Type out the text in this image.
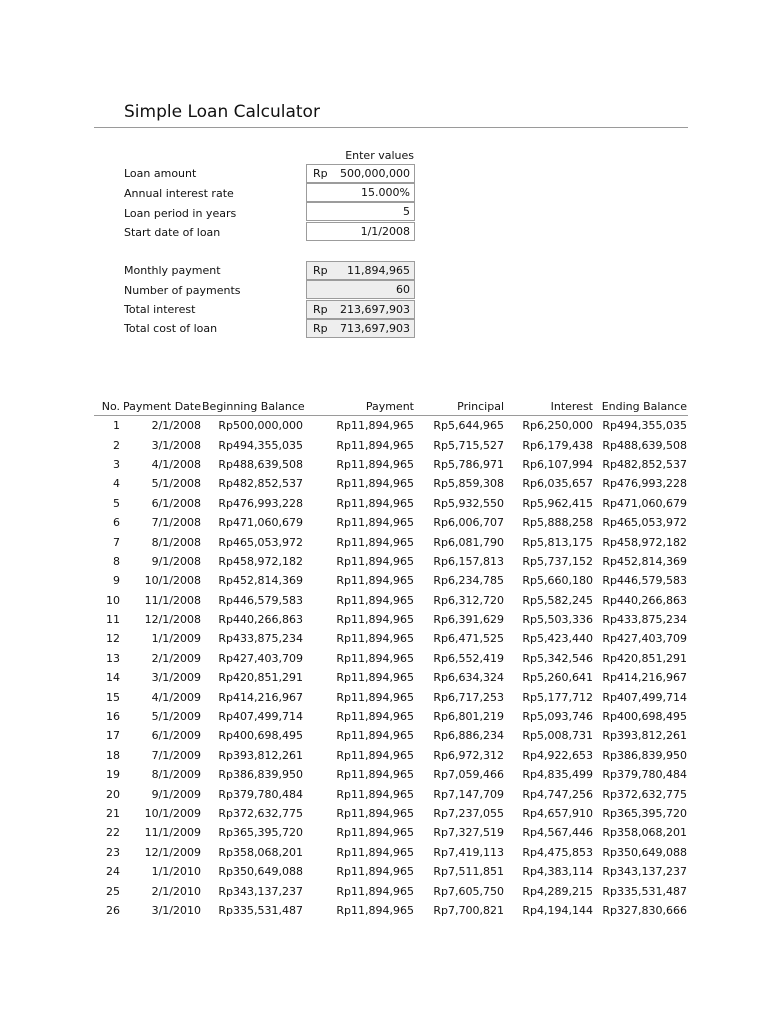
Simple Loan Calculator
Enter values
Loan amount	Rp 500,000,000
Annual interest rate	15.000%
Loan period in years	5
Start date of loan	1/1/2008
Monthly payment	Rp 11,894,965
Number of payments	60
Total interest	Rp 213,697,903
Total cost of loan	Rp 713,697,903
No.	Payment Date	Beginning Balance	Payment	Principal	Interest	Ending Balance
1	2/1/2008	Rp500,000,000	Rp11,894,965	Rp5,644,965	Rp6,250,000	Rp494,355,035
2	3/1/2008	Rp494,355,035	Rp11,894,965	Rp5,715,527	Rp6,179,438	Rp488,639,508
3	4/1/2008	Rp488,639,508	Rp11,894,965	Rp5,786,971	Rp6,107,994	Rp482,852,537
4	5/1/2008	Rp482,852,537	Rp11,894,965	Rp5,859,308	Rp6,035,657	Rp476,993,228
5	6/1/2008	Rp476,993,228	Rp11,894,965	Rp5,932,550	Rp5,962,415	Rp471,060,679
6	7/1/2008	Rp471,060,679	Rp11,894,965	Rp6,006,707	Rp5,888,258	Rp465,053,972
7	8/1/2008	Rp465,053,972	Rp11,894,965	Rp6,081,790	Rp5,813,175	Rp458,972,182
8	9/1/2008	Rp458,972,182	Rp11,894,965	Rp6,157,813	Rp5,737,152	Rp452,814,369
9	10/1/2008	Rp452,814,369	Rp11,894,965	Rp6,234,785	Rp5,660,180	Rp446,579,583
10	11/1/2008	Rp446,579,583	Rp11,894,965	Rp6,312,720	Rp5,582,245	Rp440,266,863
11	12/1/2008	Rp440,266,863	Rp11,894,965	Rp6,391,629	Rp5,503,336	Rp433,875,234
12	1/1/2009	Rp433,875,234	Rp11,894,965	Rp6,471,525	Rp5,423,440	Rp427,403,709
13	2/1/2009	Rp427,403,709	Rp11,894,965	Rp6,552,419	Rp5,342,546	Rp420,851,291
14	3/1/2009	Rp420,851,291	Rp11,894,965	Rp6,634,324	Rp5,260,641	Rp414,216,967
15	4/1/2009	Rp414,216,967	Rp11,894,965	Rp6,717,253	Rp5,177,712	Rp407,499,714
16	5/1/2009	Rp407,499,714	Rp11,894,965	Rp6,801,219	Rp5,093,746	Rp400,698,495
17	6/1/2009	Rp400,698,495	Rp11,894,965	Rp6,886,234	Rp5,008,731	Rp393,812,261
18	7/1/2009	Rp393,812,261	Rp11,894,965	Rp6,972,312	Rp4,922,653	Rp386,839,950
19	8/1/2009	Rp386,839,950	Rp11,894,965	Rp7,059,466	Rp4,835,499	Rp379,780,484
20	9/1/2009	Rp379,780,484	Rp11,894,965	Rp7,147,709	Rp4,747,256	Rp372,632,775
21	10/1/2009	Rp372,632,775	Rp11,894,965	Rp7,237,055	Rp4,657,910	Rp365,395,720
22	11/1/2009	Rp365,395,720	Rp11,894,965	Rp7,327,519	Rp4,567,446	Rp358,068,201
23	12/1/2009	Rp358,068,201	Rp11,894,965	Rp7,419,113	Rp4,475,853	Rp350,649,088
24	1/1/2010	Rp350,649,088	Rp11,894,965	Rp7,511,851	Rp4,383,114	Rp343,137,237
25	2/1/2010	Rp343,137,237	Rp11,894,965	Rp7,605,750	Rp4,289,215	Rp335,531,487
26	3/1/2010	Rp335,531,487	Rp11,894,965	Rp7,700,821	Rp4,194,144	Rp327,830,666
